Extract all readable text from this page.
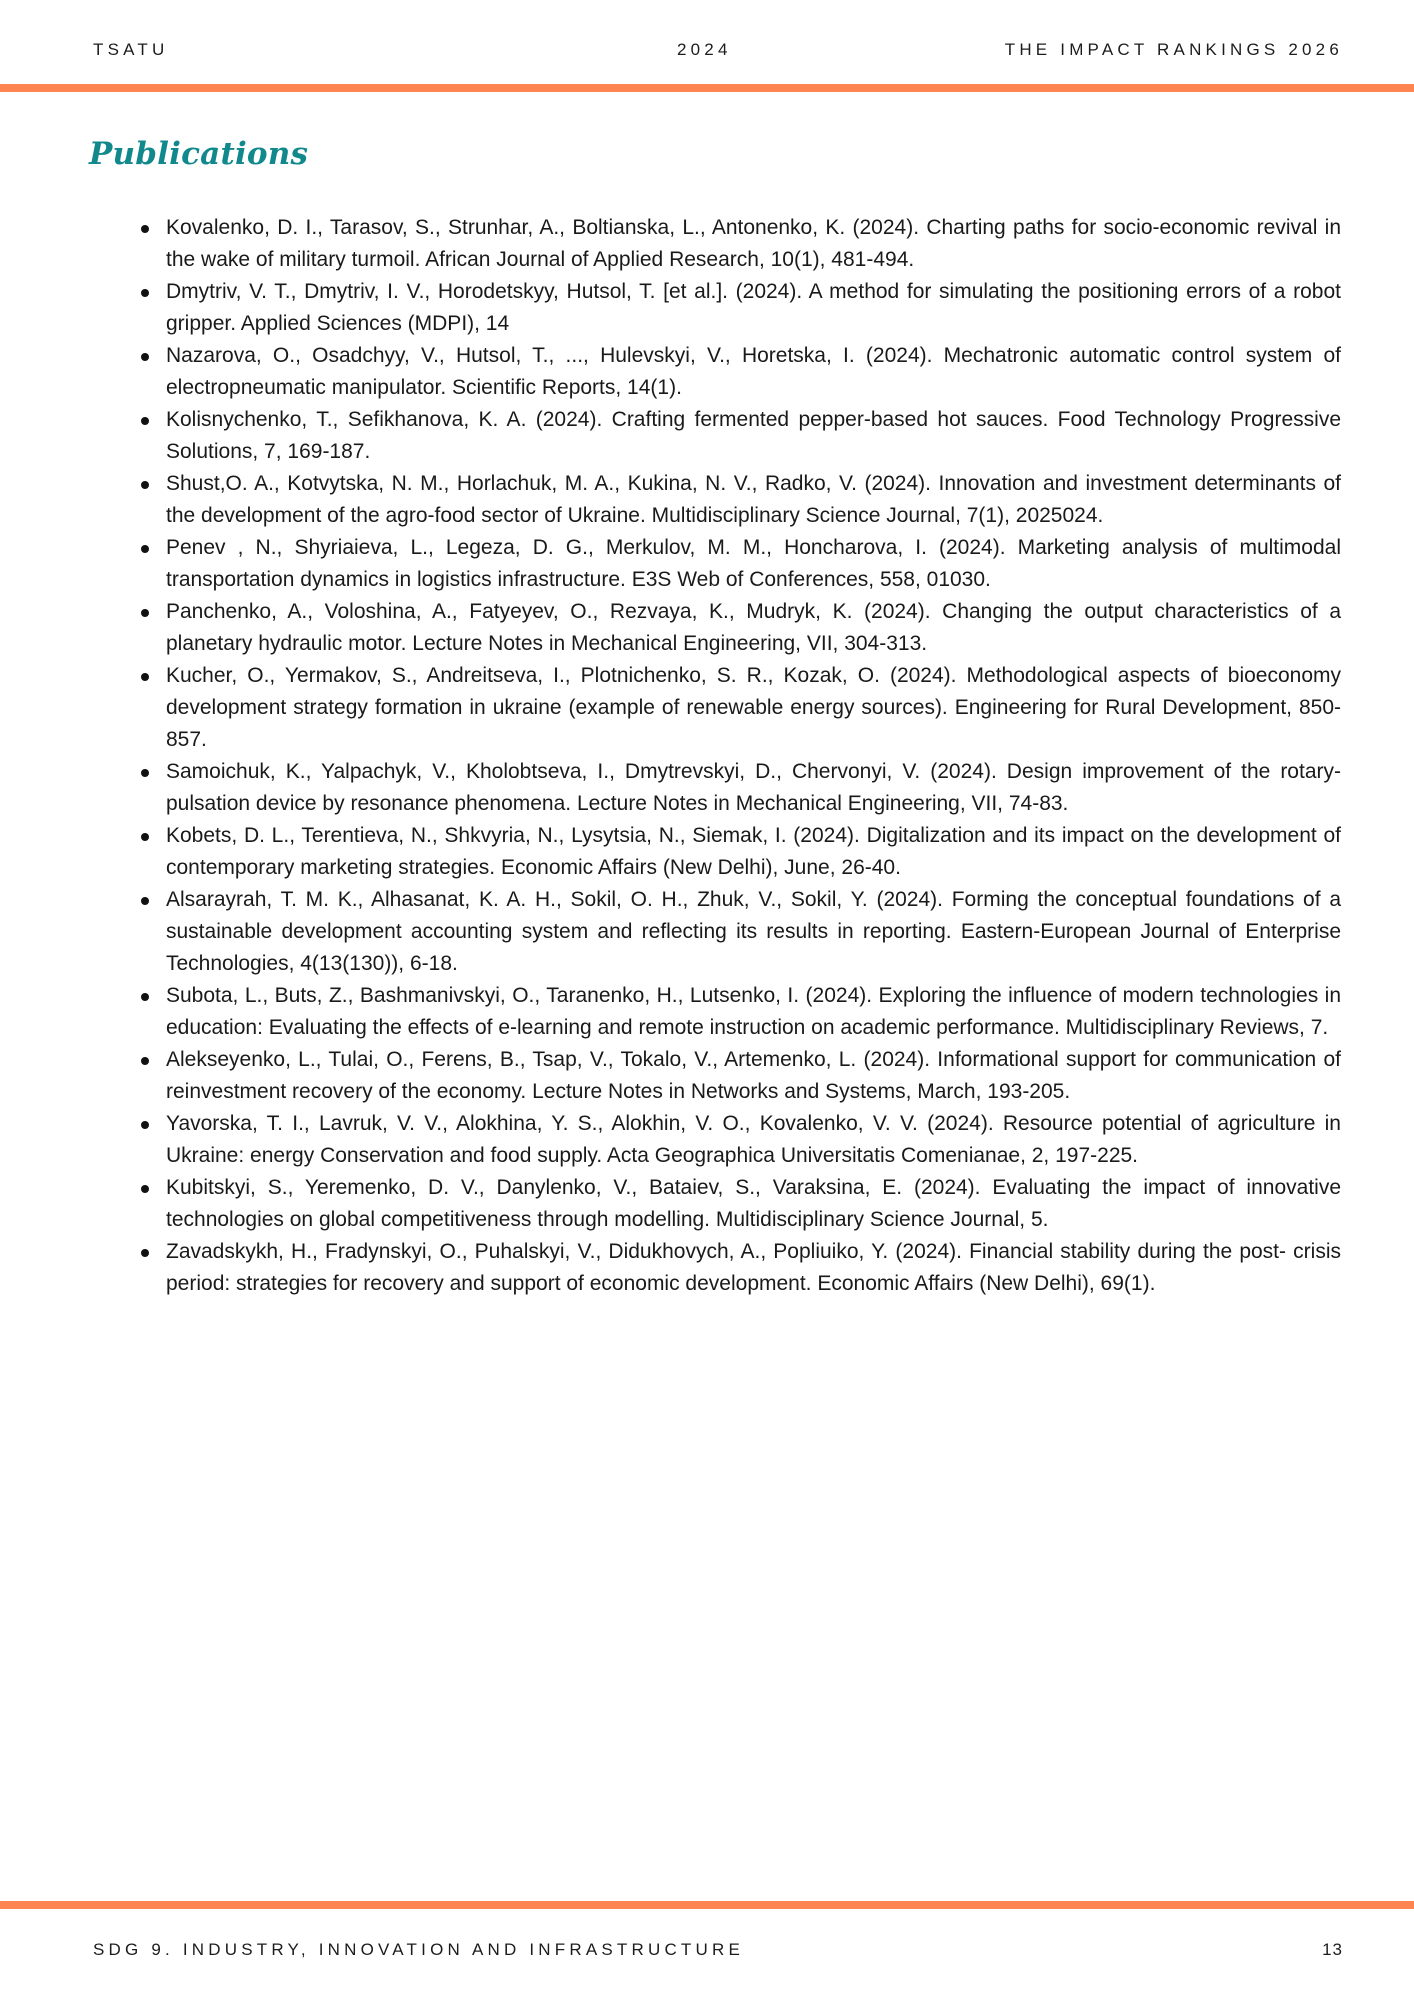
TSATU	2024	THE IMPACT RANKINGS 2026
Publications
Kovalenko, D. I., Tarasov, S., Strunhar, A., Boltianska, L., Antonenko, K. (2024). Charting paths for socio-economic revival in the wake of military turmoil. African Journal of Applied Research, 10(1), 481-494.
Dmytriv, V. T., Dmytriv, I. V., Horodetskyy, Hutsol, T. [et al.]. (2024). A method for simulating the positioning errors of a robot gripper. Applied Sciences (MDPI), 14
Nazarova, O., Osadchyy, V., Hutsol, T., ..., Hulevskyi, V., Horetska, I. (2024). Mechatronic automatic control system of electropneumatic manipulator. Scientific Reports, 14(1).
Kolisnychenko, T., Sefikhanova, K. A. (2024). Crafting fermented pepper-based hot sauces. Food Technology Progressive Solutions, 7, 169-187.
Shust,O. A., Kotvytska, N. M., Horlachuk, M. A., Kukina, N. V., Radko, V. (2024). Innovation and investment determinants of the development of the agro-food sector of Ukraine. Multidisciplinary Science Journal, 7(1), 2025024.
Penev , N., Shyriaieva, L., Legeza, D. G., Merkulov, M. M., Honcharova, I. (2024). Marketing analysis of multimodal transportation dynamics in logistics infrastructure. E3S Web of Conferences, 558, 01030.
Panchenko, A., Voloshina, A., Fatyeyev, O., Rezvaya, K., Mudryk, K. (2024). Changing the output characteristics of a planetary hydraulic motor. Lecture Notes in Mechanical Engineering, VII, 304-313.
Kucher, O., Yermakov, S., Andreitseva, I., Plotnichenko, S. R., Kozak, O. (2024). Methodological aspects of bioeconomy development strategy formation in ukraine (example of renewable energy sources). Engineering for Rural Development, 850-857.
Samoichuk, K., Yalpachyk, V., Kholobtseva, I., Dmytrevskyi, D., Chervonyi, V. (2024). Design improvement of the rotary- pulsation device by resonance phenomena. Lecture Notes in Mechanical Engineering, VII, 74-83.
Kobets, D. L., Terentieva, N., Shkvyria, N., Lysytsia, N., Siemak, I. (2024). Digitalization and its impact on the development of contemporary marketing strategies. Economic Affairs (New Delhi), June, 26-40.
Alsarayrah, T. M. K., Alhasanat, K. A. H., Sokil, O. H., Zhuk, V., Sokil, Y. (2024). Forming the conceptual foundations of a sustainable development accounting system and reflecting its results in reporting. Eastern-European Journal of Enterprise Technologies, 4(13(130)), 6-18.
Subota, L., Buts, Z., Bashmanivskyi, O., Taranenko, H., Lutsenko, I. (2024). Exploring the influence of modern technologies in education: Evaluating the effects of e-learning and remote instruction on academic performance. Multidisciplinary Reviews, 7.
Alekseyenko, L., Tulai, O., Ferens, B., Tsap, V., Tokalo, V., Artemenko, L. (2024). Informational support for communication of reinvestment recovery of the economy. Lecture Notes in Networks and Systems, March, 193-205.
Yavorska, T. I., Lavruk, V. V., Alokhina, Y. S., Alokhin, V. O., Kovalenko, V. V. (2024). Resource potential of agriculture in Ukraine: energy Conservation and food supply. Acta Geographica Universitatis Comenianae, 2, 197-225.
Kubitskyi, S., Yeremenko, D. V., Danylenko, V., Bataiev, S., Varaksina, E. (2024). Evaluating the impact of innovative technologies on global competitiveness through modelling. Multidisciplinary Science Journal, 5.
Zavadskykh, H., Fradynskyi, O., Puhalskyi, V., Didukhovych, A., Popliuiko, Y. (2024). Financial stability during the post- crisis period: strategies for recovery and support of economic development. Economic Affairs (New Delhi), 69(1).
SDG 9. INDUSTRY, INNOVATION AND INFRASTRUCTURE	13
